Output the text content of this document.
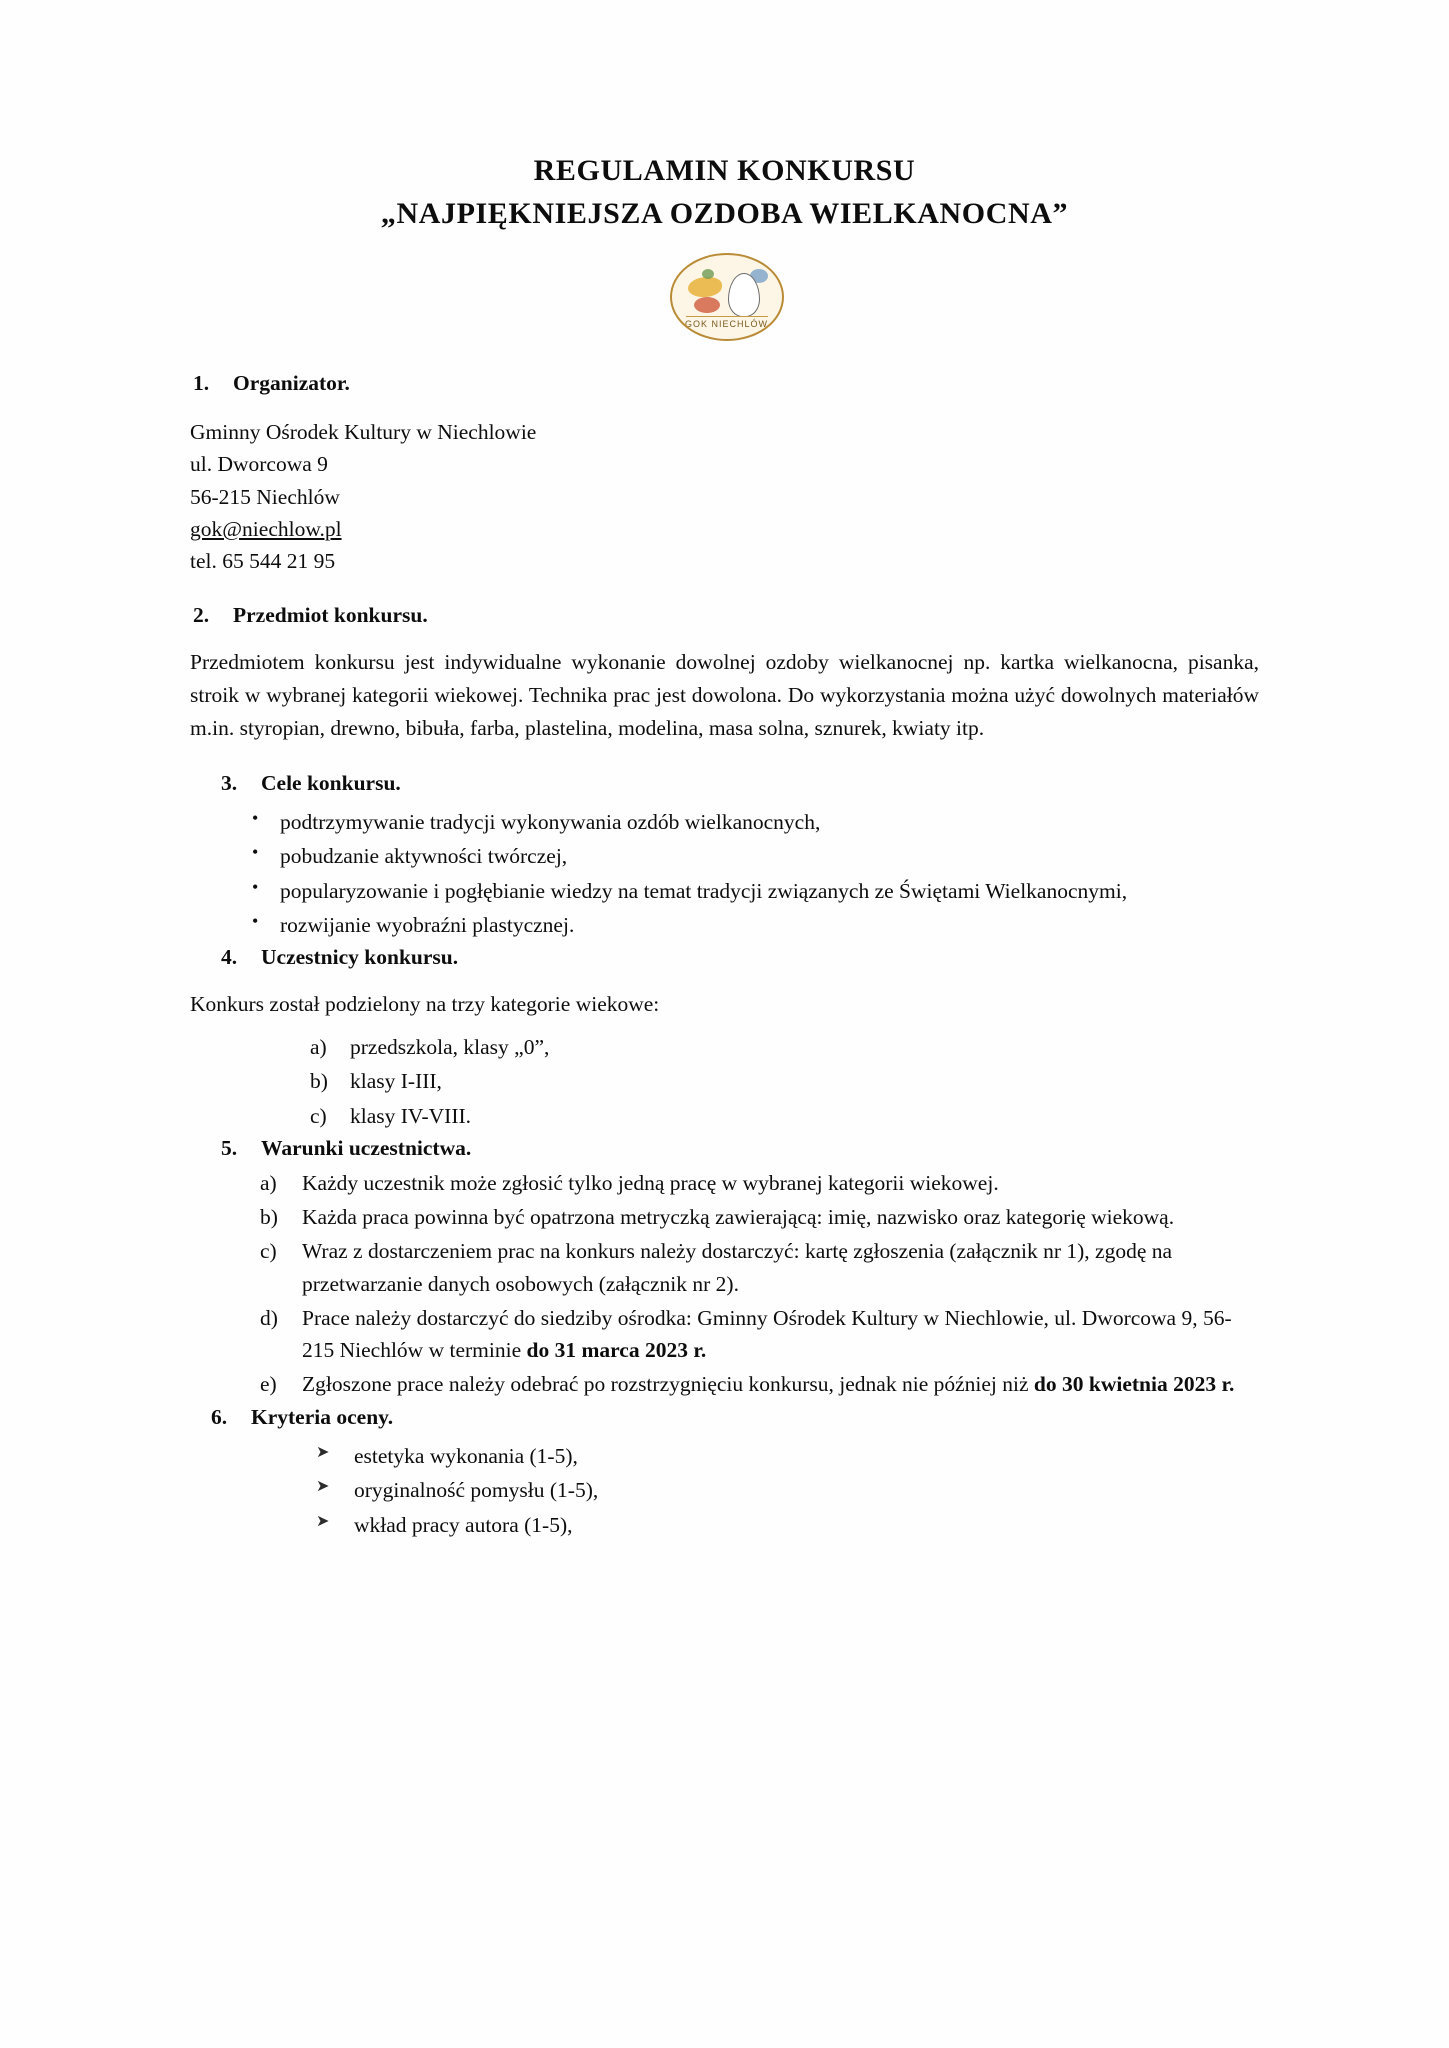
REGULAMIN KONKURSU
„NAJPIĘKNIEJSZA OZDOBA WIELKANOCNA”
GOK NIECHLÓW
1.	Organizator.
Gminny Ośrodek Kultury w Niechlowie
ul. Dworcowa 9
56-215 Niechlów
gok@niechlow.pl
tel. 65 544 21 95
2.	Przedmiot konkursu.
Przedmiotem konkursu jest indywidualne wykonanie dowolnej ozdoby wielkanocnej np. kartka wielkanocna, pisanka, stroik w wybranej kategorii wiekowej. Technika prac jest dowolona. Do wykorzystania można użyć dowolnych materiałów m.in. styropian, drewno, bibuła, farba, plastelina, modelina, masa solna, sznurek, kwiaty itp.
3.	Cele konkursu.
• podtrzymywanie tradycji wykonywania ozdób wielkanocnych,
• pobudzanie aktywności twórczej,
• popularyzowanie i pogłębianie wiedzy na temat tradycji związanych ze Świętami Wielkanocnymi,
• rozwijanie wyobraźni plastycznej.
4.	Uczestnicy konkursu.
Konkurs został podzielony na trzy kategorie wiekowe:
przedszkola, klasy „0”,
klasy I-III,
klasy IV-VIII.
5.	Warunki uczestnictwa.
Każdy uczestnik może zgłosić tylko jedną pracę w wybranej kategorii wiekowej.
Każda praca powinna być opatrzona metryczką zawierającą: imię, nazwisko oraz kategorię wiekową.
Wraz z dostarczeniem prac na konkurs należy dostarczyć: kartę zgłoszenia (załącznik nr 1), zgodę na przetwarzanie danych osobowych (załącznik nr 2).
Prace należy dostarczyć do siedziby ośrodka: Gminny Ośrodek Kultury w Niechlowie, ul. Dworcowa 9, 56-215 Niechlów w terminie do 31 marca 2023 r.
Zgłoszone prace należy odebrać po rozstrzygnięciu konkursu, jednak nie później niż do 30 kwietnia 2023 r.
6.	Kryteria oceny.
➤ estetyka wykonania (1-5),
➤ oryginalność pomysłu (1-5),
➤ wkład pracy autora (1-5),
